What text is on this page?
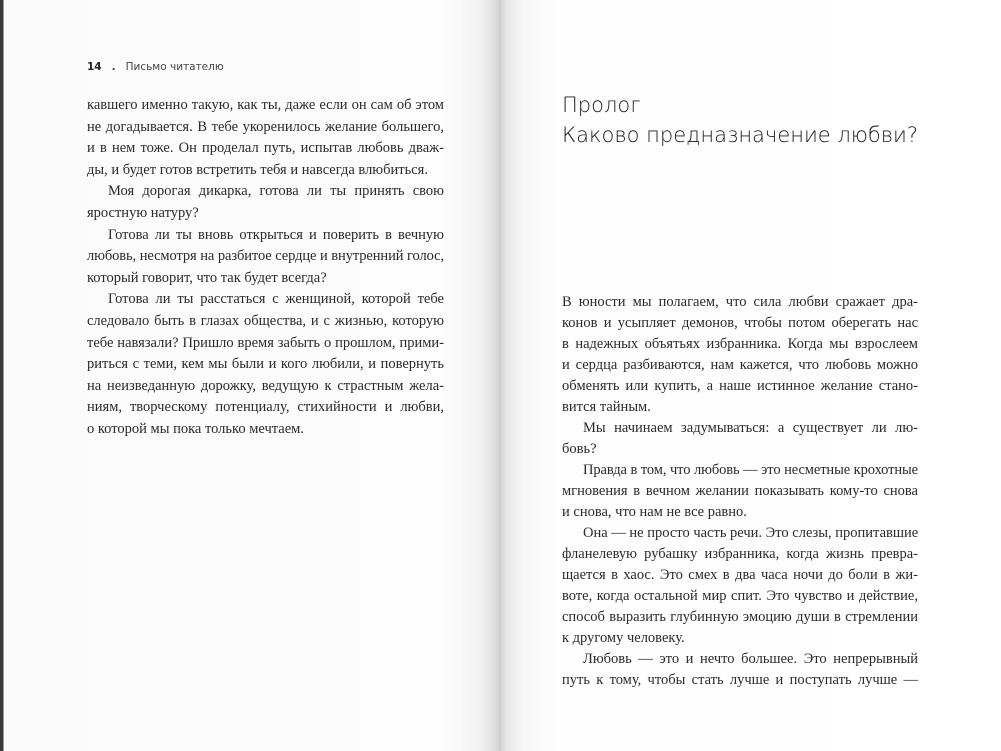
14 . Письмо читателю
кавшего именно такую, как ты, даже если он сам об этом
не догадывается. В тебе укоренилось желание большего,
и в нем тоже. Он проделал путь, испытав любовь дваж-
ды, и будет готов встретить тебя и навсегда влюбиться.
Моя дорогая дикарка, готова ли ты принять свою
яростную натуру?
Готова ли ты вновь открыться и поверить в вечную
любовь, несмотря на разбитое сердце и внутренний голос,
который говорит, что так будет всегда?
Готова ли ты расстаться с женщиной, которой тебе
следовало быть в глазах общества, и с жизнью, которую
тебе навязали? Пришло время забыть о прошлом, прими-
риться с теми, кем мы были и кого любили, и повернуть
на неизведанную дорожку, ведущую к страстным жела-
ниям, творческому потенциалу, стихийности и любви,
о которой мы пока только мечтаем.
Пролог
Каково предназначение любви?
В юности мы полагаем, что сила любви сражает дра-
конов и усыпляет демонов, чтобы потом оберегать нас
в надежных объятьях избранника. Когда мы взрослеем
и сердца разбиваются, нам кажется, что любовь можно
обменять или купить, а наше истинное желание стано-
вится тайным.
Мы начинаем задумываться: а существует ли лю-
бовь?
Правда в том, что любовь — это несметные крохотные
мгновения в вечном желании показывать кому-то снова
и снова, что нам не все равно.
Она — не просто часть речи. Это слезы, пропитавшие
фланелевую рубашку избранника, когда жизнь превра-
щается в хаос. Это смех в два часа ночи до боли в жи-
воте, когда остальной мир спит. Это чувство и действие,
способ выразить глубинную эмоцию души в стремлении
к другому человеку.
Любовь — это и нечто большее. Это непрерывный
путь к тому, чтобы стать лучше и поступать лучше —
